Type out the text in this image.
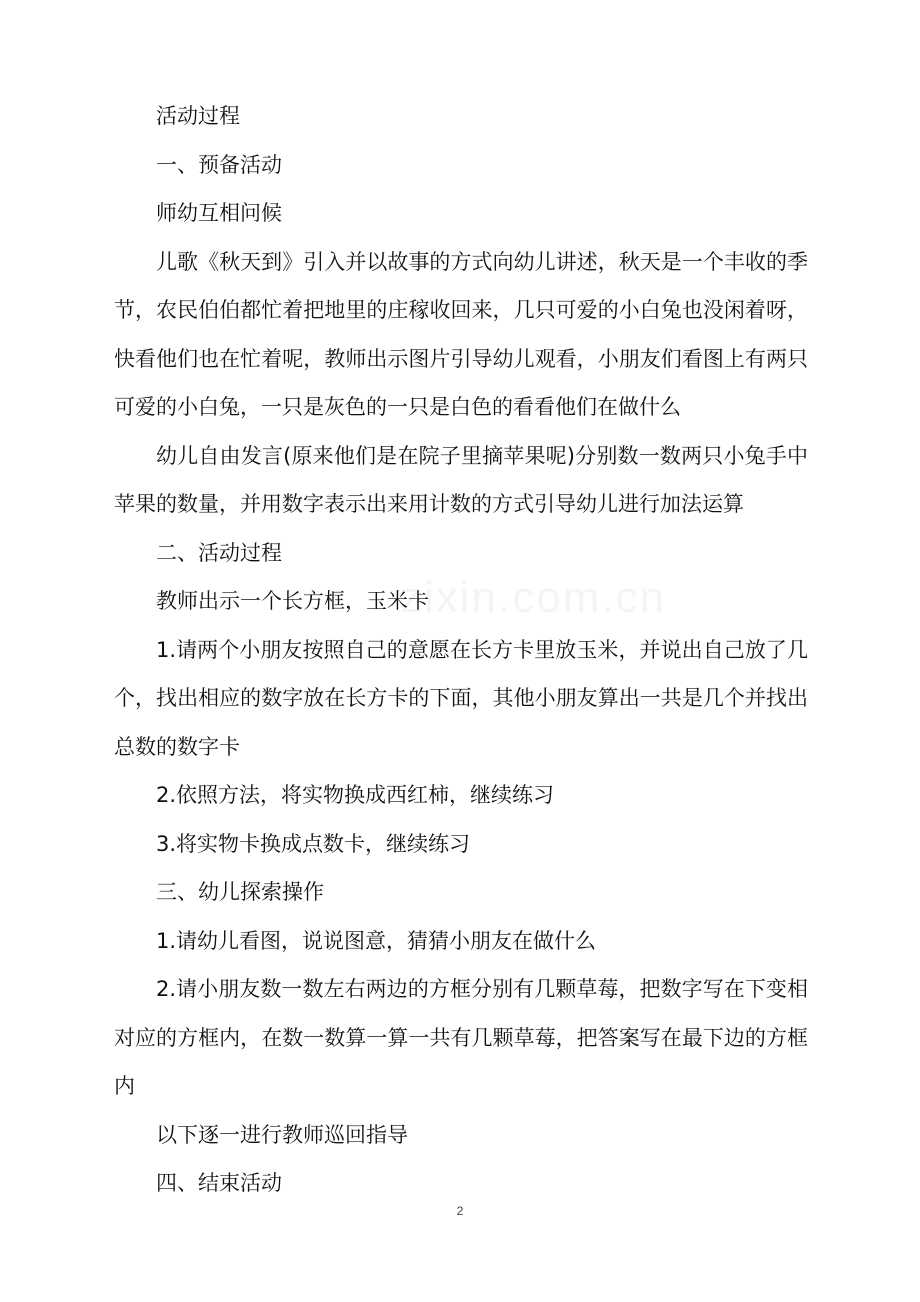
活动过程

一、预备活动

师幼互相问候

儿歌《秋天到》引入并以故事的方式向幼儿讲述，秋天是一个丰收的季节，农民伯伯都忙着把地里的庄稼收回来，几只可爱的小白兔也没闲着呀，快看他们也在忙着呢，教师出示图片引导幼儿观看，小朋友们看图上有两只可爱的小白兔，一只是灰色的一只是白色的看看他们在做什么

幼儿自由发言(原来他们是在院子里摘苹果呢)分别数一数两只小兔手中苹果的数量，并用数字表示出来用计数的方式引导幼儿进行加法运算

二、活动过程

教师出示一个长方框，玉米卡

1.请两个小朋友按照自己的意愿在长方卡里放玉米，并说出自己放了几个，找出相应的数字放在长方卡的下面，其他小朋友算出一共是几个并找出总数的数字卡

2.依照方法，将实物换成西红柿，继续练习

3.将实物卡换成点数卡，继续练习

三、幼儿探索操作

1.请幼儿看图，说说图意，猜猜小朋友在做什么

2.请小朋友数一数左右两边的方框分别有几颗草莓，把数字写在下变相对应的方框内，在数一数算一算一共有几颗草莓，把答案写在最下边的方框内

以下逐一进行教师巡回指导

四、结束活动

2
